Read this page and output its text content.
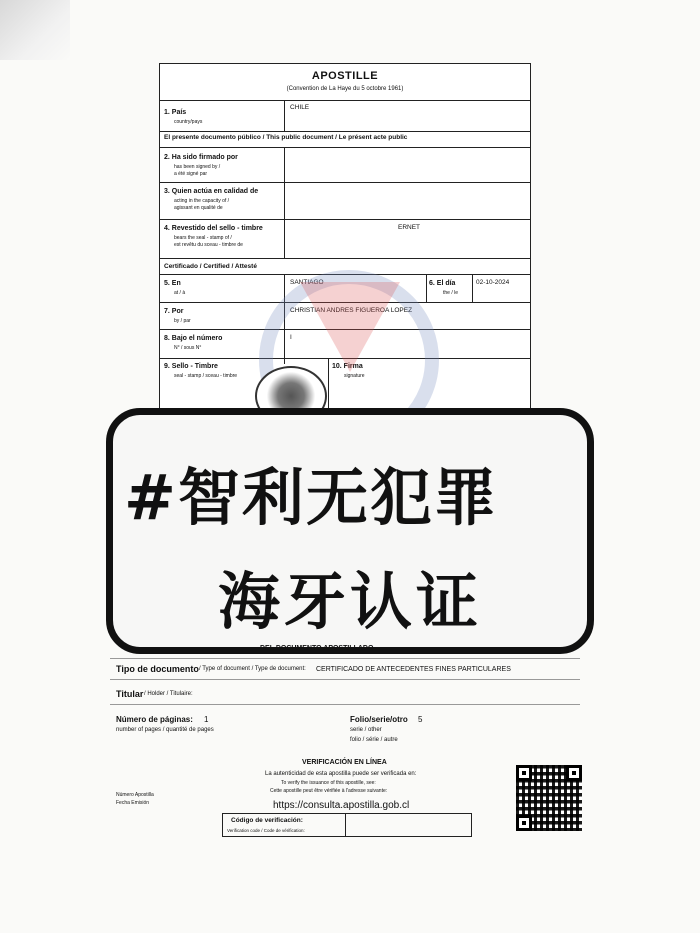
APOSTILLE
(Convention de La Haye du 5 octobre 1961)
1. País
country/pays
CHILE
El presente documento público / This public document / Le présent acte public
2. Ha sido firmado por
has been signed by /
a été signé par
3. Quien actúa en calidad de
acting in the capacity of /
agissant en qualité de
4. Revestido del sello - timbre
bears the seal - stamp of /
est revêtu du sceau - timbre de
ERNET
Certificado / Certified / Attesté
5. En
at / à
SANTIAGO	6. El día
the / le
02-10-2024
7. Por
by / par
CHRISTIAN ANDRES FIGUEROA LOPEZ
8. Bajo el número
N° / sous N°
I
9. Sello - Timbre
seal - stamp / sceau - timbre
10. Firma
signature
#智利无犯罪
海牙认证
DEL DOCUMENTO APOSTILLADO
Tipo de documento / Type of document / Type de document: CERTIFICADO DE ANTECEDENTES FINES PARTICULARES
Titular / Holder / Titulaire:
Número de páginas: 1
number of pages / quantité de pages
Folio/serie/otro 5
serie / other
folio / série / autre
VERIFICACIÓN EN LÍNEA
La autenticidad de esta apostilla puede ser verificada en:
To verify the issuance of this apostille, see:
Cette apostille peut être vérifiée à l'adresse suivante:
Número Apostilla
Fecha Emisión	https://consulta.apostilla.gob.cl
Código de verificación:
Verification code / Code de vérification:
